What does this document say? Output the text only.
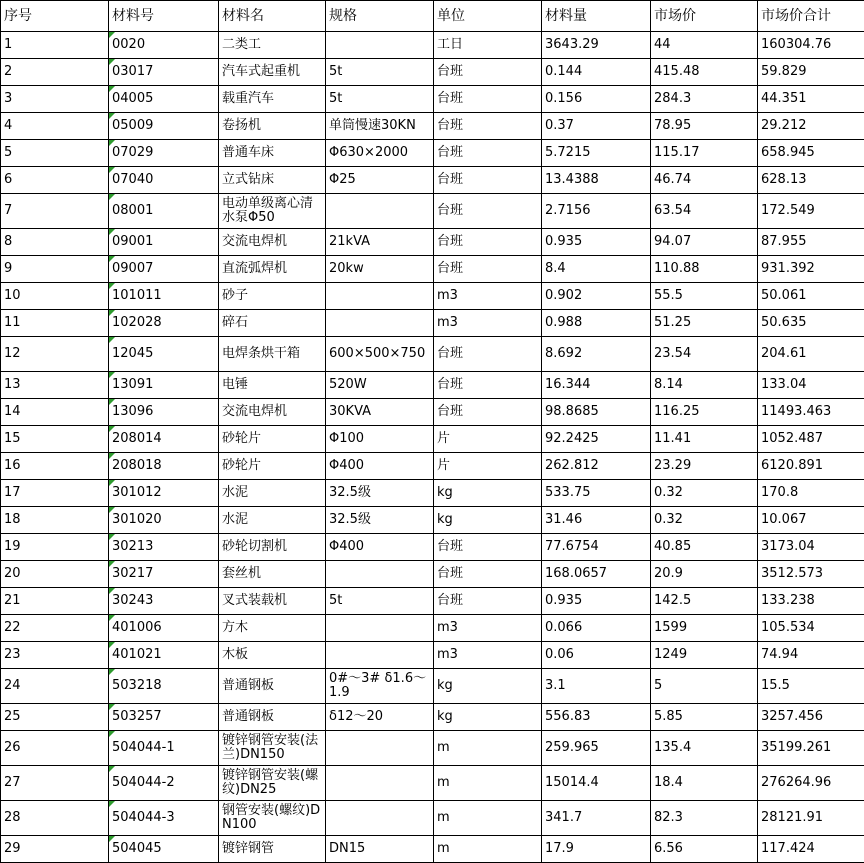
序号	材料号	材料名	规格	单位	材料量	市场价	市场价合计
1	0020	二类工		工日	3643.29	44	160304.76
2	03017	汽车式起重机	5t	台班	0.144	415.48	59.829
3	04005	载重汽车	5t	台班	0.156	284.3	44.351
4	05009	卷扬机	单筒慢速30KN	台班	0.37	78.95	29.212
5	07029	普通车床	Φ630×2000	台班	5.7215	115.17	658.945
6	07040	立式钻床	Φ25	台班	13.4388	46.74	628.13
7	08001	电动单级离心清水泵Φ50		台班	2.7156	63.54	172.549
8	09001	交流电焊机	21kVA	台班	0.935	94.07	87.955
9	09007	直流弧焊机	20kw	台班	8.4	110.88	931.392
10	101011	砂子		m3	0.902	55.5	50.061
11	102028	碎石		m3	0.988	51.25	50.635
12	12045	电焊条烘干箱	600×500×750	台班	8.692	23.54	204.61
13	13091	电锤	520W	台班	16.344	8.14	133.04
14	13096	交流电焊机	30KVA	台班	98.8685	116.25	11493.463
15	208014	砂轮片	Φ100	片	92.2425	11.41	1052.487
16	208018	砂轮片	Φ400	片	262.812	23.29	6120.891
17	301012	水泥	32.5级	kg	533.75	0.32	170.8
18	301020	水泥	32.5级	kg	31.46	0.32	10.067
19	30213	砂轮切割机	Φ400	台班	77.6754	40.85	3173.04
20	30217	套丝机		台班	168.0657	20.9	3512.573
21	30243	叉式装载机	5t	台班	0.935	142.5	133.238
22	401006	方木		m3	0.066	1599	105.534
23	401021	木板		m3	0.06	1249	74.94
24	503218	普通钢板	0#～3# δ1.6～1.9	kg	3.1	5	15.5
25	503257	普通钢板	δ12～20	kg	556.83	5.85	3257.456
26	504044-1	镀锌钢管安装(法兰)DN150		m	259.965	135.4	35199.261
27	504044-2	镀锌钢管安装(螺纹)DN25		m	15014.4	18.4	276264.96
28	504044-3	钢管安装(螺纹)DN100		m	341.7	82.3	28121.91
29	504045	镀锌钢管	DN15	m	17.9	6.56	117.424
